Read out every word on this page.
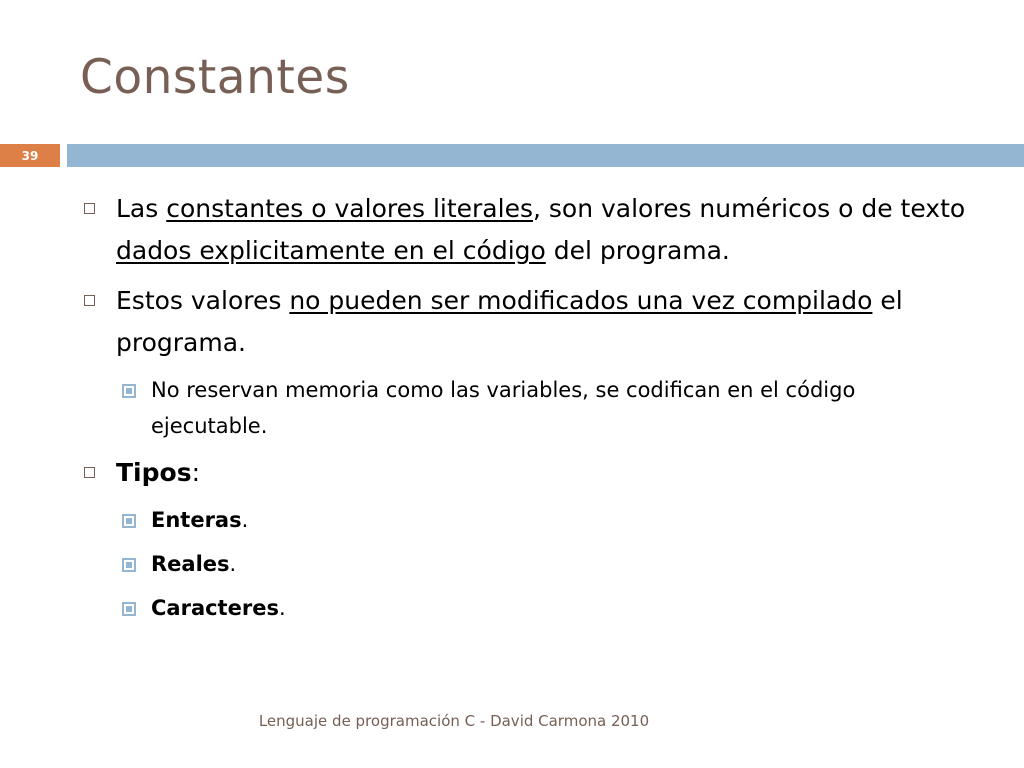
Constantes
39
Las constantes o valores literales, son valores numéricos o de texto dados explicitamente en el código del programa.
Estos valores no pueden ser modificados una vez compilado el programa.
No reservan memoria como las variables, se codifican en el código ejecutable.
Tipos:
Enteras.
Reales.
Caracteres.
Lenguaje de programación C - David Carmona 2010
